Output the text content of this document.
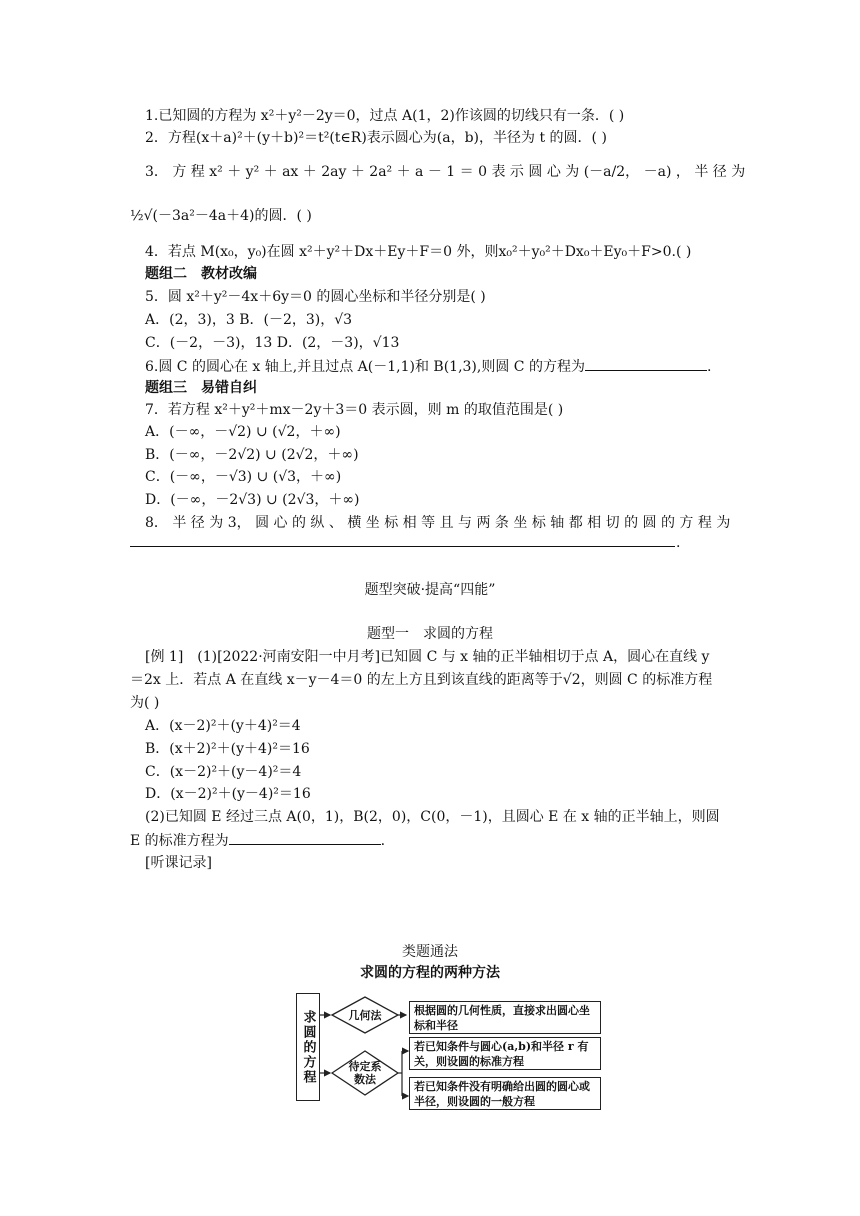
1.已知圆的方程为 x²＋y²－2y＝0，过点 A(1，2)作该圆的切线只有一条．( )
2．方程(x＋a)²＋(y＋b)²＝t²(t∈R)表示圆心为(a，b)，半径为 t 的圆．( )
3． 方 程 x² ＋ y² ＋ ax ＋ 2ay ＋ 2a² ＋ a － 1 ＝ 0 表 示 圆 心 为 (－a/2， －a) ， 半 径 为
½√(－3a²－4a＋4)的圆．( )
4．若点 M(x₀，y₀)在圆 x²＋y²＋Dx＋Ey＋F＝0 外，则x₀²＋y₀²＋Dx₀＋Ey₀＋F>0.( )
题组二　教材改编
5．圆 x²＋y²－4x＋6y＝0 的圆心坐标和半径分别是( )
A．(2，3)，3 B．(－2，3)，√3
C．(－2，－3)，13 D．(2，－3)，√13
6.圆 C 的圆心在 x 轴上,并且过点 A(－1,1)和 B(1,3),则圆 C 的方程为	.
题组三　易错自纠
7．若方程 x²＋y²＋mx－2y＋3＝0 表示圆，则 m 的取值范围是( )
A．(－∞，－√2) ∪ (√2，＋∞)
B．(－∞，－2√2) ∪ (2√2，＋∞)
C．(－∞，－√3) ∪ (√3，＋∞)
D．(－∞，－2√3) ∪ (2√3，＋∞)
8． 半 径 为 3， 圆 心 的 纵 、 横 坐 标 相 等 且 与 两 条 坐 标 轴 都 相 切 的 圆 的 方 程 为
.
题型突破·提高“四能”
题型一　求圆的方程
[例 1]　(1)[2022·河南安阳一中月考]已知圆 C 与 x 轴的正半轴相切于点 A，圆心在直线 y
＝2x 上．若点 A 在直线 x－y－4＝0 的左上方且到该直线的距离等于√2，则圆 C 的标准方程
为( )
A．(x－2)²＋(y＋4)²＝4
B．(x＋2)²＋(y＋4)²＝16
C．(x－2)²＋(y－4)²＝4
D．(x－2)²＋(y－4)²＝16
(2)已知圆 E 经过三点 A(0，1)，B(2，0)，C(0，－1)，且圆心 E 在 x 轴的正半轴上，则圆
E 的标准方程为	.
[听课记录]
类题通法
求圆的方程的两种方法
求圆的方程	几何法
待定系数法
根据圆的几何性质，直接求出圆心坐标和半径
若已知条件与圆心(a,b)和半径 r 有关，则设圆的标准方程
若已知条件没有明确给出圆的圆心或半径，则设圆的一般方程
